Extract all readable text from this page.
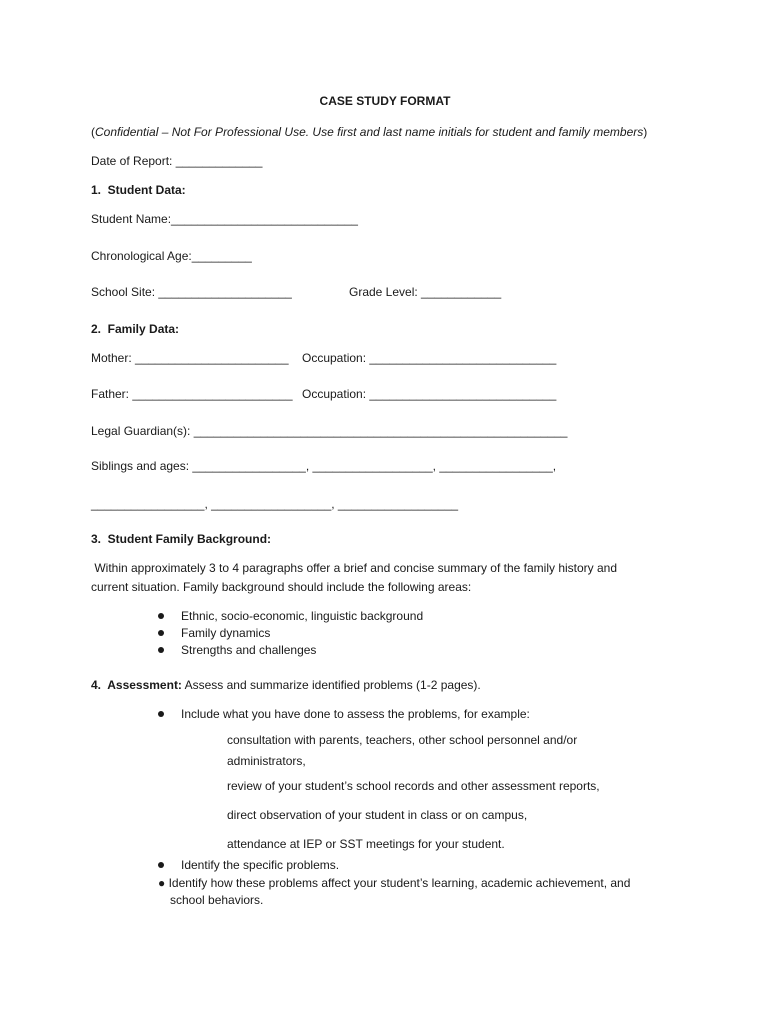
CASE STUDY FORMAT
(Confidential – Not For Professional Use. Use first and last name initials for student and family members)
Date of Report: _____________
1.  Student Data:
Student Name:____________________________
Chronological Age:_________
School Site: ____________________	Grade Level: ____________
2.  Family Data:
Mother: _______________________ Occupation: ____________________________
Father: ________________________ Occupation: ____________________________
Legal Guardian(s): ________________________________________________________
Siblings and ages: _________________, __________________, _________________,
_________________, __________________, __________________
3.  Student Family Background:
Within approximately 3 to 4 paragraphs offer a brief and concise summary of the family history and
current situation. Family background should include the following areas:
Ethnic, socio-economic, linguistic background
Family dynamics
Strengths and challenges
4.  Assessment: Assess and summarize identified problems (1-2 pages).
Include what you have done to assess the problems, for example:
consultation with parents, teachers, other school personnel and/or
administrators,
review of your student’s school records and other assessment reports,
direct observation of your student in class or on campus,
attendance at IEP or SST meetings for your student.
Identify the specific problems.
● Identify how these problems affect your student’s learning, academic achievement, and
school behaviors.
